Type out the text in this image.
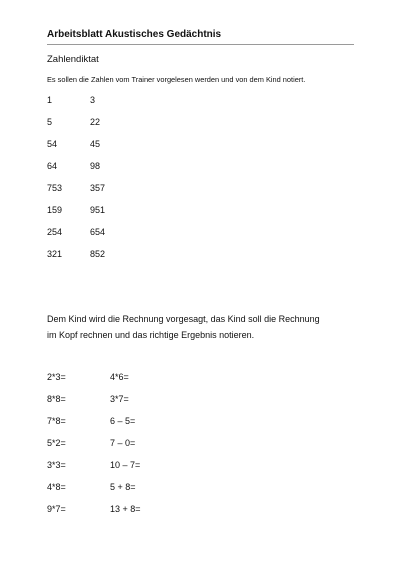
Arbeitsblatt Akustisches Gedächtnis
Zahlendiktat
Es sollen die Zahlen vom Trainer vorgelesen werden und von dem Kind notiert.
1	3
5	22
54	45
64	98
753	357
159	951
254	654
321	852
Dem Kind wird die Rechnung vorgesagt, das Kind soll die Rechnung
im Kopf rechnen und das richtige Ergebnis notieren.
2*3=	4*6=
8*8=	3*7=
7*8=	6 – 5=
5*2=	7 – 0=
3*3=	10 – 7=
4*8=	5 + 8=
9*7=	13 + 8=
